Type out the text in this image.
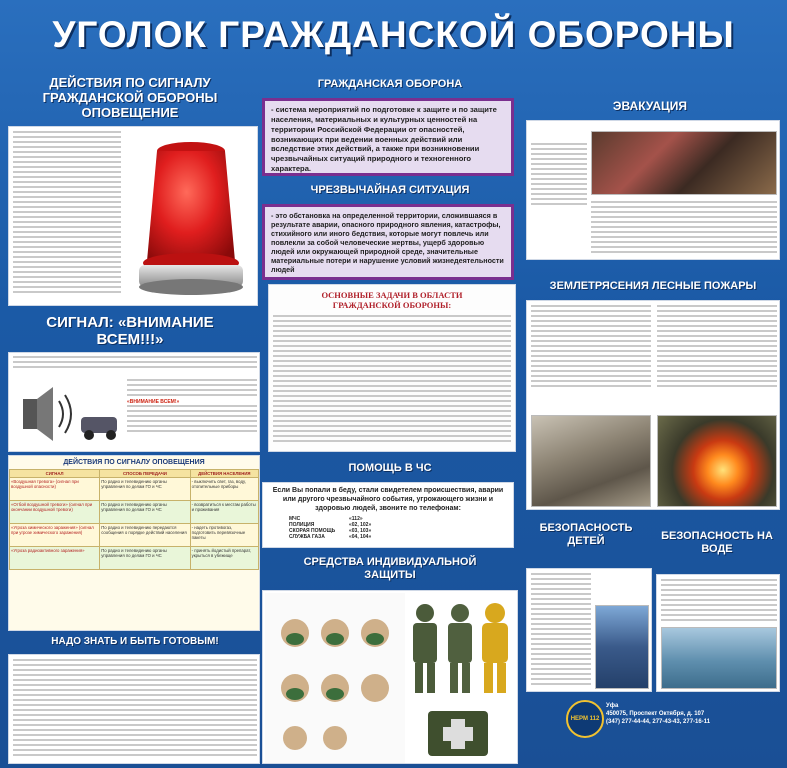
УГОЛОК ГРАЖДАНСКОЙ ОБОРОНЫ
ДЕЙСТВИЯ ПО СИГНАЛУ ГРАЖДАНСКОЙ ОБОРОНЫ ОПОВЕЩЕНИЕ
СИГНАЛ: «ВНИМАНИЕ ВСЕМ!!!»
«ВНИМАНИЕ ВСЕМ!»
ДЕЙСТВИЯ ПО СИГНАЛУ ОПОВЕЩЕНИЯ
СИГНАЛ	СПОСОБ ПЕРЕДАЧИ	ДЕЙСТВИЯ НАСЕЛЕНИЯ
«Воздушная тревога» (сигнал при воздушной опасности)	По радио и телевидению органы управления по делам ГО и ЧС	- выключить свет, газ, воду, отопительные приборы
«Отбой воздушной тревоги» (сигнал при окончании воздушной тревоги)	По радио и телевидению органы управления по делам ГО и ЧС	- возвратиться к местам работы и проживания
«Угроза химического заражения» (сигнал при угрозе химического заражения)	По радио и телевидению передаются сообщения о порядке действий населения	- надеть противогаз, подготовить перевязочные пакеты
«Угроза радиоактивного заражения»	По радио и телевидению органы управления по делам ГО и ЧС	- принять йодистый препарат, укрыться в убежище
НАДО ЗНАТЬ И БЫТЬ ГОТОВЫМ!
ГРАЖДАНСКАЯ ОБОРОНА

- система мероприятий по подготовке к защите и по защите населения, материальных и культурных ценностей на территории Российской Федерации от опасностей, возникающих при ведении военных действий или вследствие этих действий, а также при возникновении чрезвычайных ситуаций природного и техногенного характера.

ЧРЕЗВЫЧАЙНАЯ СИТУАЦИЯ

- это обстановка на определенной территории, сложившаяся в результате аварии, опасного природного явления, катастрофы, стихийного или иного бедствия, которые могут повлечь или повлекли за собой человеческие жертвы, ущерб здоровью людей или окружающей природной среде, значительные материальные потери и нарушение условий жизнедеятельности людей

ОСНОВНЫЕ ЗАДАЧИ В ОБЛАСТИ ГРАЖДАНСКОЙ ОБОРОНЫ:
ПОМОЩЬ В ЧС

Если Вы попали в беду, стали свидетелем происшествия, аварии или другого чрезвычайного события, угрожающего жизни и здоровью людей, звоните по телефонам:

МЧС	«112»
ПОЛИЦИЯ	«02, 102»
СКОРАЯ ПОМОЩЬ	«03, 103»
СЛУЖБА ГАЗА	«04, 104»
СРЕДСТВА ИНДИВИДУАЛЬНОЙ ЗАЩИТЫ
ЭВАКУАЦИЯ
ЗЕМЛЕТРЯСЕНИЯ ЛЕСНЫЕ ПОЖАРЫ
БЕЗОПАСНОСТЬ ДЕТЕЙ	БЕЗОПАСНОСТЬ НА ВОДЕ
НЕРМ 112
Уфа
450075, Проспект Октября, д. 107
(347) 277-44-44, 277-43-43, 277-16-11
